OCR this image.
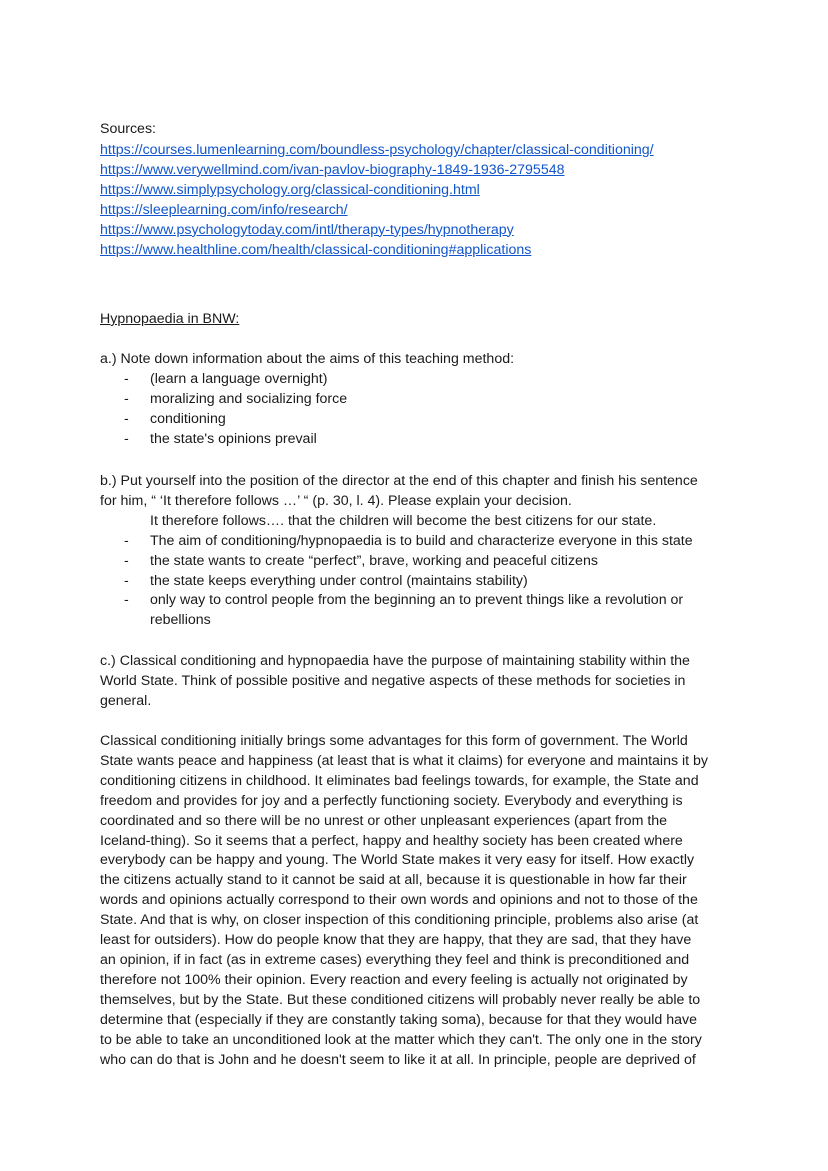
Sources:
https://courses.lumenlearning.com/boundless-psychology/chapter/classical-conditioning/
https://www.verywellmind.com/ivan-pavlov-biography-1849-1936-2795548
https://www.simplypsychology.org/classical-conditioning.html
https://sleeplearning.com/info/research/
https://www.psychologytoday.com/intl/therapy-types/hypnotherapy
https://www.healthline.com/health/classical-conditioning#applications
Hypnopaedia in BNW:

a.) Note down information about the aims of this teaching method:

- (learn a language overnight)
- moralizing and socializing force
- conditioning
- the state's opinions prevail

b.) Put yourself into the position of the director at the end of this chapter and finish his sentence

for him, “ ‘It therefore follows …’ “ (p. 30, l. 4). Please explain your decision.

It therefore follows…. that the children will become the best citizens for our state.

- The aim of conditioning/hypnopaedia is to build and characterize everyone in this state
- the state wants to create “perfect”, brave, working and peaceful citizens
- the state keeps everything under control (maintains stability)
- only way to control people from the beginning an to prevent things like a revolution or
rebellions

c.) Classical conditioning and hypnopaedia have the purpose of maintaining stability within the

World State. Think of possible positive and negative aspects of these methods for societies in

general.

Classical conditioning initially brings some advantages for this form of government. The World

State wants peace and happiness (at least that is what it claims) for everyone and maintains it by

conditioning citizens in childhood. It eliminates bad feelings towards, for example, the State and

freedom and provides for joy and a perfectly functioning society. Everybody and everything is

coordinated and so there will be no unrest or other unpleasant experiences (apart from the

Iceland-thing). So it seems that a perfect, happy and healthy society has been created where

everybody can be happy and young. The World State makes it very easy for itself. How exactly

the citizens actually stand to it cannot be said at all, because it is questionable in how far their

words and opinions actually correspond to their own words and opinions and not to those of the

State. And that is why, on closer inspection of this conditioning principle, problems also arise (at

least for outsiders). How do people know that they are happy, that they are sad, that they have

an opinion, if in fact (as in extreme cases) everything they feel and think is preconditioned and

therefore not 100% their opinion. Every reaction and every feeling is actually not originated by

themselves, but by the State. But these conditioned citizens will probably never really be able to

determine that (especially if they are constantly taking soma), because for that they would have

to be able to take an unconditioned look at the matter which they can't. The only one in the story

who can do that is John and he doesn't seem to like it at all. In principle, people are deprived of
